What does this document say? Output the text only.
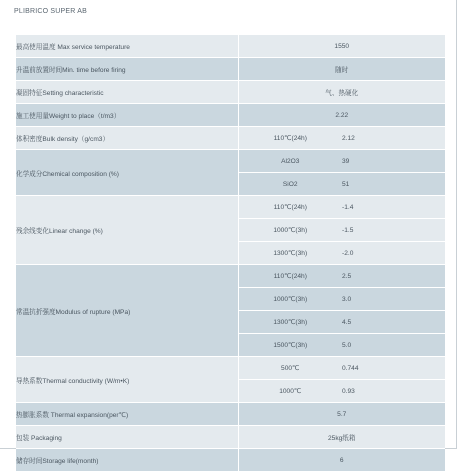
PLIBRICO SUPER AB
最高使用温度 Max service temperature	1550	
升温前放置时间Min. time before firing	随时	
凝固特征Setting characteristic	气、热硬化	
施工使用量Weight to place（t/m3）	2.22	
体积密度Bulk density（g/cm3）	110℃(24h)	2.12
化学成分Chemical composition (%)	Al2O3	39
	SiO2	51
残余线变化Linear change (%)	110℃(24h)	-1.4
	1000℃(3h)	-1.5
	1300℃(3h)	-2.0
常温抗折强度Modulus of rupture (MPa)	110℃(24h)	2.5
	1000℃(3h)	3.0
	1300℃(3h)	4.5
	1500℃(3h)	5.0
导热系数Thermal conductivity (W/m•K)	500℃	0.744
	1000℃	0.93
热膨胀系数 Thermal expansion(per℃)	5.7	
包装 Packaging	25kg纸箱	
储存时间Storage life(month)	6	
